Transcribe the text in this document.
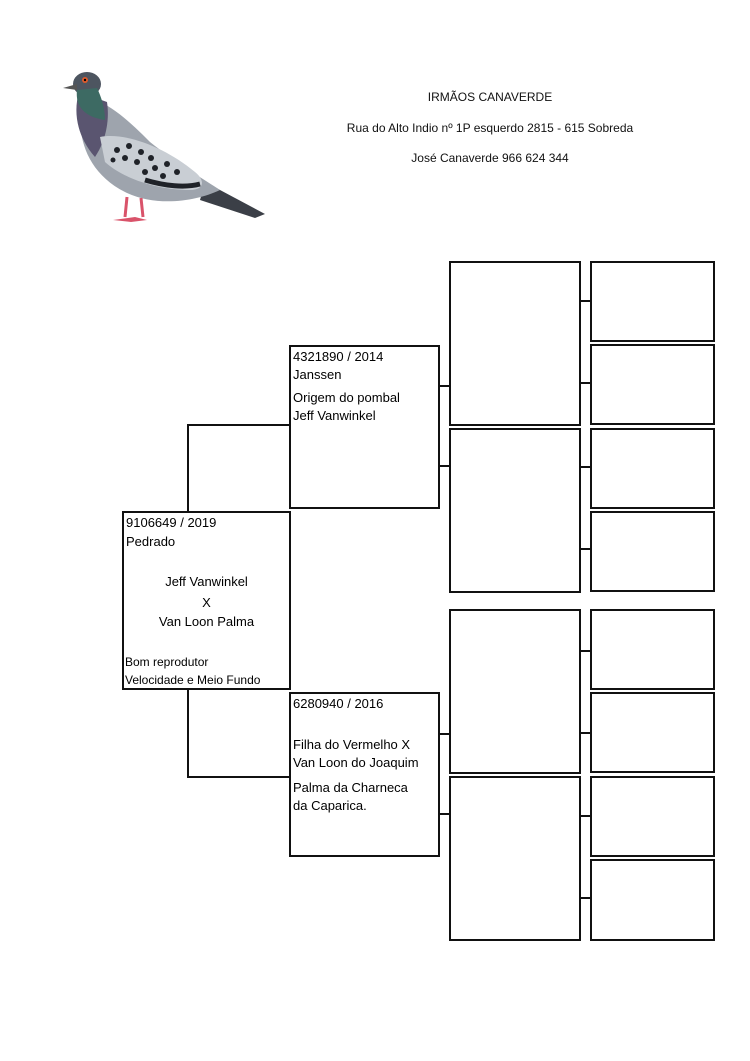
IRMÃOS CANAVERDE
Rua do Alto Indio nº 1P esquerdo 2815 - 615 Sobreda
José Canaverde 966 624 344
9106649 / 2019
Pedrado
Jeff Vanwinkel
X
Van Loon Palma
Bom reprodutor
Velocidade e Meio Fundo
4321890 / 2014
Janssen
Origem do pombal
Jeff Vanwinkel
6280940 / 2016
Filha do Vermelho X
Van Loon do Joaquim
Palma da Charneca
da Caparica.
